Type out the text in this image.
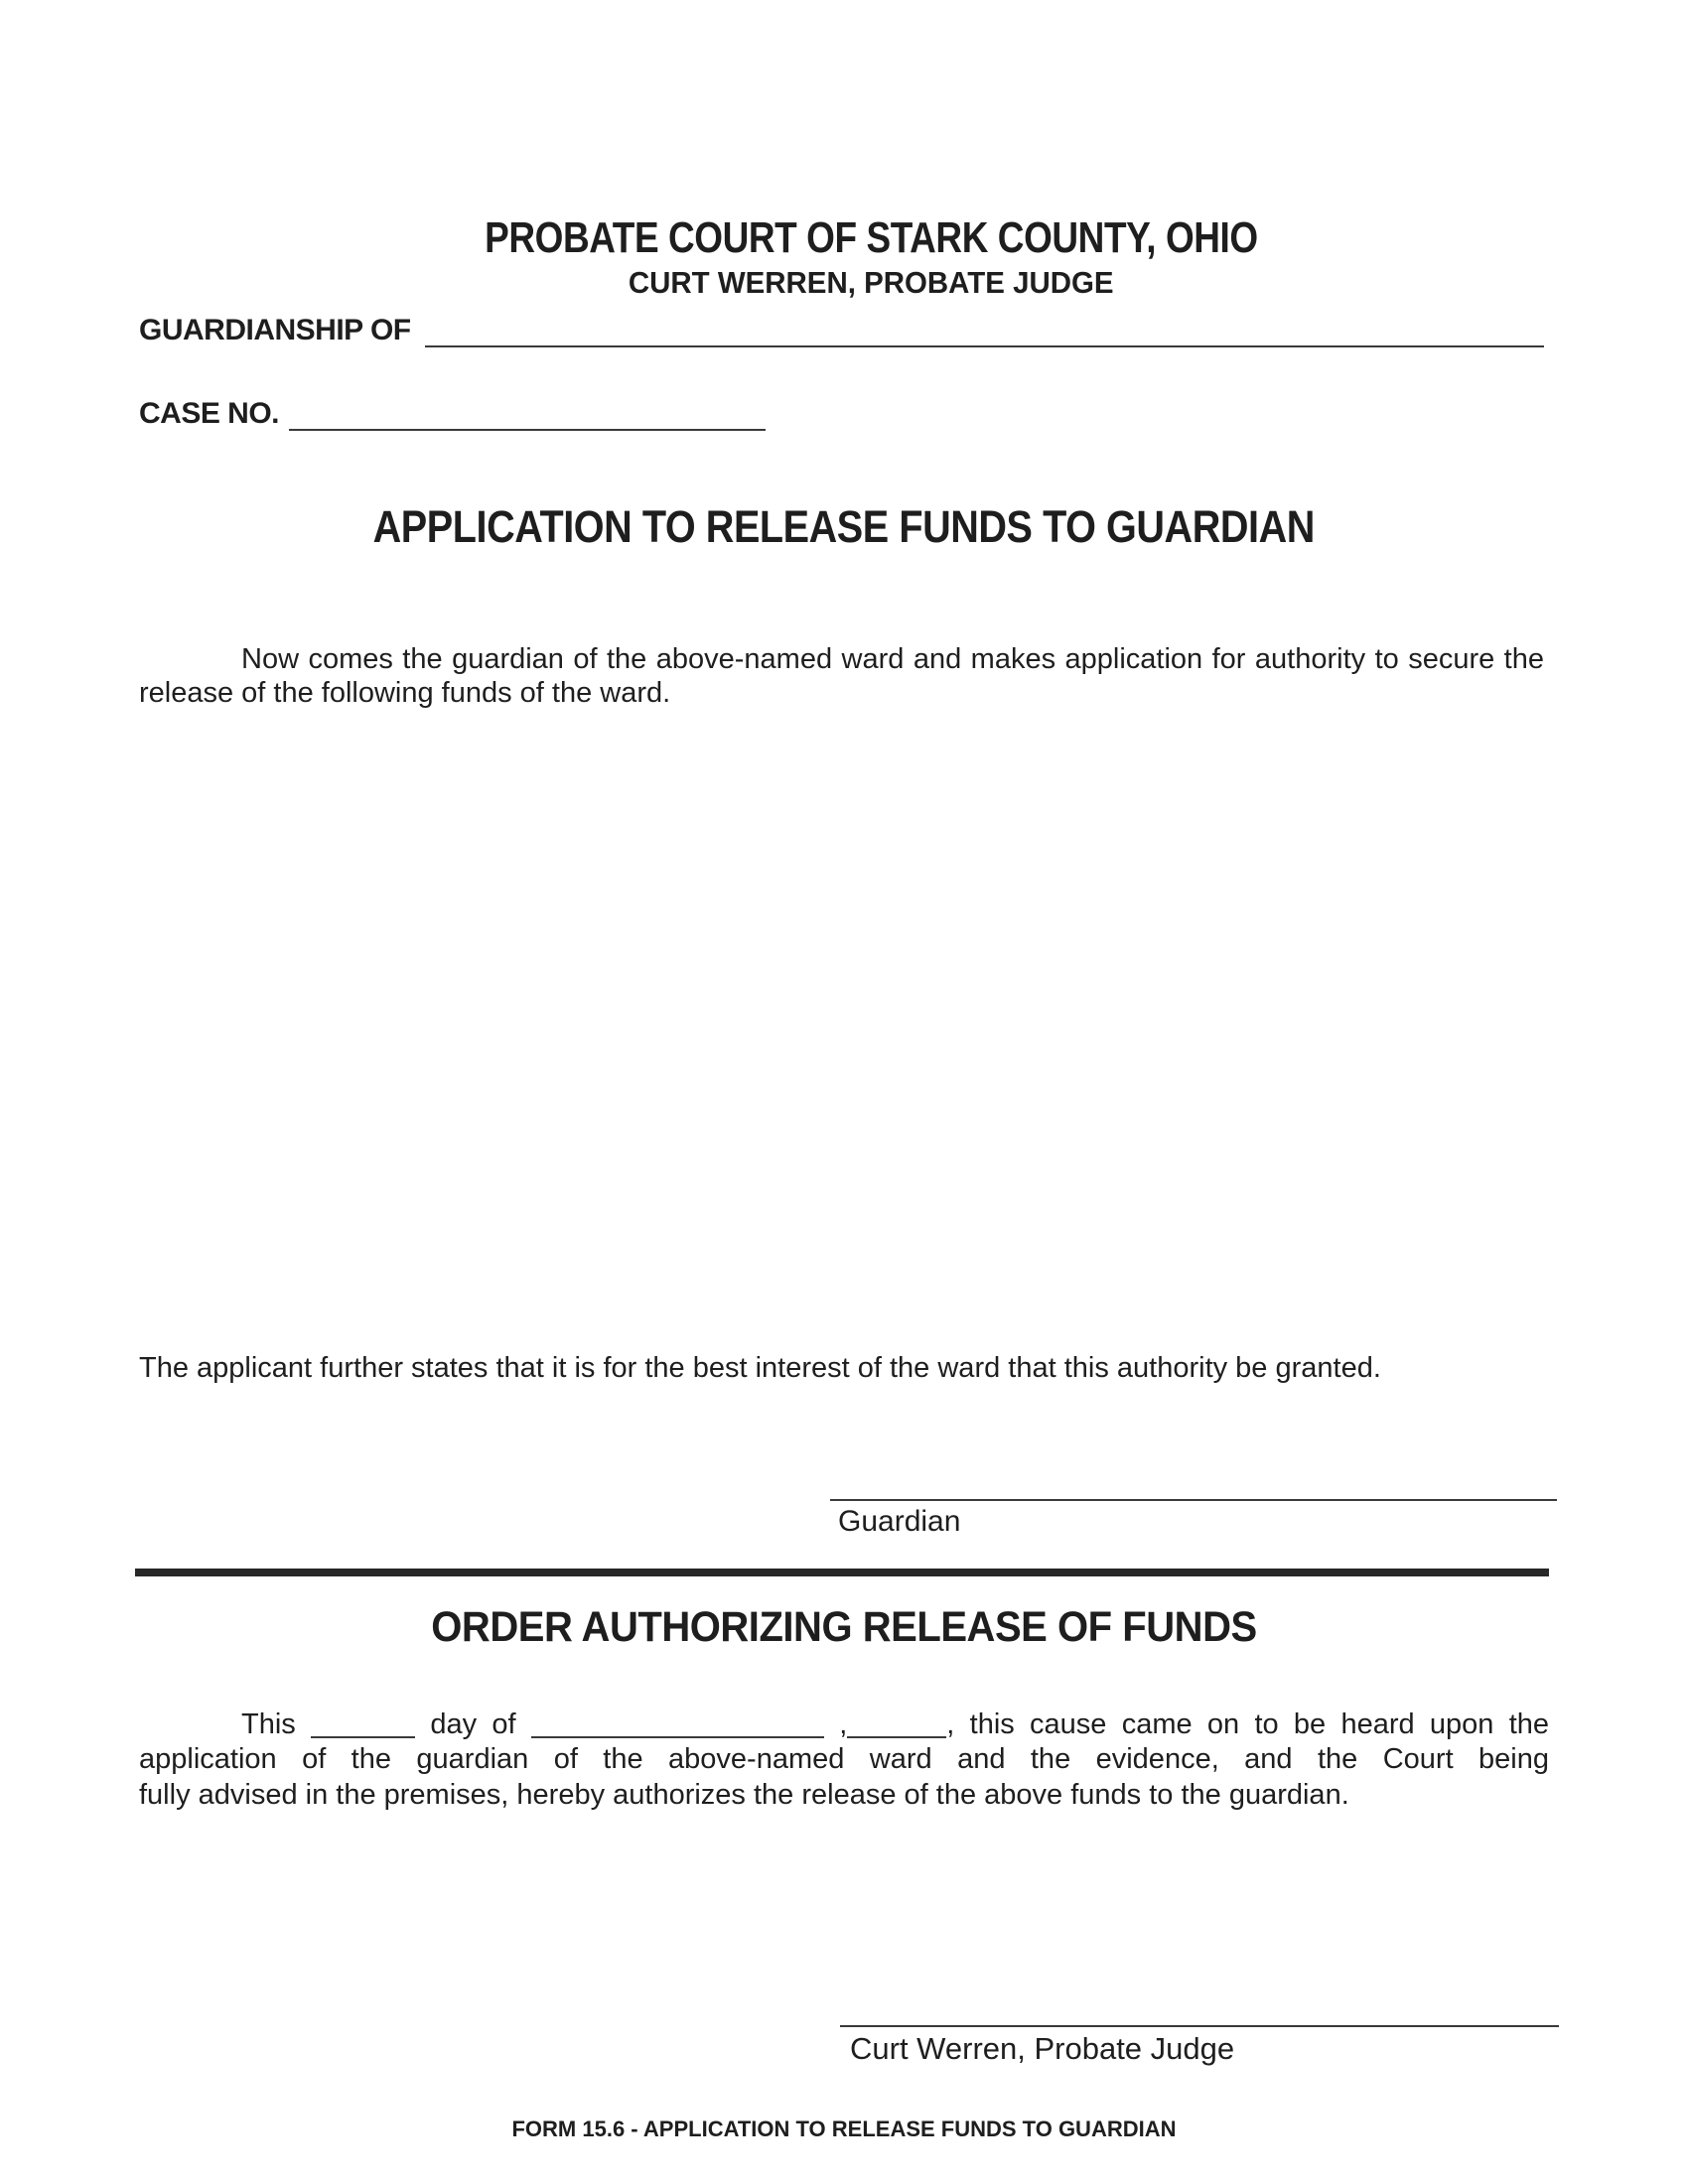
PROBATE COURT OF STARK COUNTY, OHIO
CURT WERREN, PROBATE JUDGE
GUARDIANSHIP OF
CASE NO.
APPLICATION TO RELEASE FUNDS TO GUARDIAN

Now comes the guardian of the above-named ward and makes application for authority to secure the release of the following funds of the ward.

The applicant further states that it is for the best interest of the ward that this authority be granted.

Guardian
ORDER AUTHORIZING RELEASE OF FUNDS
This	day of	,	, this cause came on to be heard upon the
application of the guardian of the above-named ward and the evidence, and the Court being
fully advised in the premises, hereby authorizes the release of the above funds to the guardian.
Curt Werren, Probate Judge
FORM 15.6 - APPLICATION TO RELEASE FUNDS TO GUARDIAN
